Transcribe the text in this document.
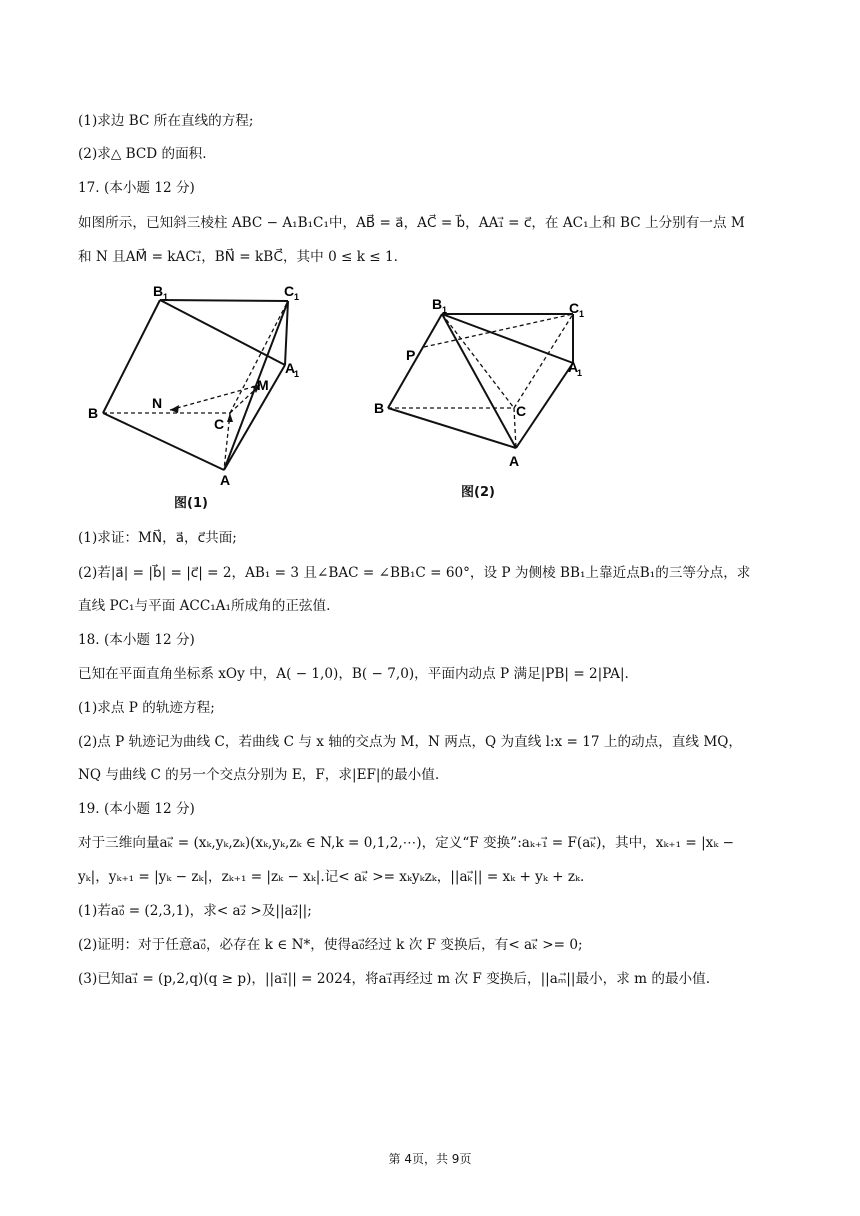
(1)求边 BC 所在直线的方程;
(2)求△ BCD 的面积.
17. (本小题 12 分)
如图所示，已知斜三棱柱 ABC − A₁B₁C₁中，AB⃗ = a⃗，AC⃗ = b⃗，AA₁⃗ = c⃗，在 AC₁上和 BC 上分别有一点 M
和 N 且AM⃗ = kAC₁⃗，BN⃗ = kBC⃗，其中 0 ≤ k ≤ 1.
B 1	C 1
A
1
M
N
B
C
A
图(1)
B 1	C 1
A
1
P
B	C
A
图(2)
(1)求证：MN⃗，a⃗，c⃗共面;
(2)若|a⃗| = |b⃗| = |c⃗| = 2，AB₁ = 3 且∠BAC = ∠BB₁C = 60°，设 P 为侧棱 BB₁上靠近点B₁的三等分点，求
直线 PC₁与平面 ACC₁A₁所成角的正弦值.
18. (本小题 12 分)
已知在平面直角坐标系 xOy 中，A( − 1,0)，B( − 7,0)，平面内动点 P 满足|PB| = 2|PA|.
(1)求点 P 的轨迹方程;
(2)点 P 轨迹记为曲线 C，若曲线 C 与 x 轴的交点为 M，N 两点，Q 为直线 l:x = 17 上的动点，直线 MQ，
NQ 与曲线 C 的另一个交点分别为 E，F，求|EF|的最小值.
19. (本小题 12 分)
对于三维向量aₖ⃗ = (xₖ,yₖ,zₖ)(xₖ,yₖ,zₖ ∈ N,k = 0,1,2,⋯)，定义“F 变换”:aₖ₊₁⃗ = F(aₖ⃗)，其中，xₖ₊₁ = |xₖ −
yₖ|，yₖ₊₁ = |yₖ − zₖ|，zₖ₊₁ = |zₖ − xₖ|.记< aₖ⃗ >= xₖyₖzₖ，||aₖ⃗|| = xₖ + yₖ + zₖ.
(1)若a₀⃗ = (2,3,1)，求< a₂⃗ >及||a₂⃗||;
(2)证明：对于任意a₀⃗，必存在 k ∈ N*，使得a₀⃗经过 k 次 F 变换后，有< aₖ⃗ >= 0;
(3)已知a₁⃗ = (p,2,q)(q ≥ p)，||a₁⃗|| = 2024，将a₁⃗再经过 m 次 F 变换后，||aₘ⃗||最小，求 m 的最小值.
第 4页，共 9页
